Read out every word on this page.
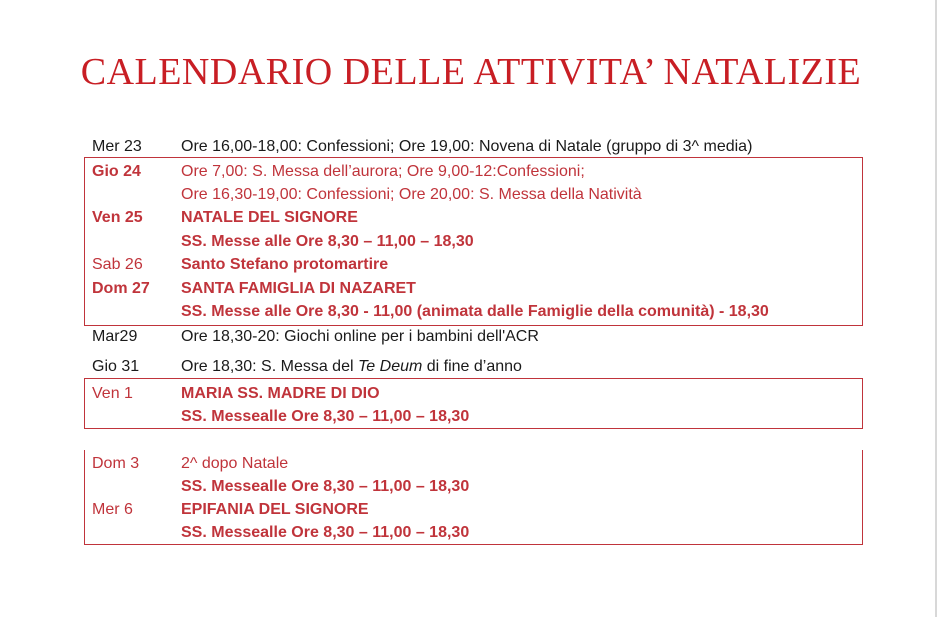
CALENDARIO DELLE ATTIVITA’ NATALIZIE
Mer 23 Ore 16,00-18,00: Confessioni; Ore 19,00: Novena di Natale (gruppo di 3^ media)
Gio 24	Ore 7,00: S. Messa dell’aurora; Ore 9,00-12:Confessioni;
Ore 16,30-19,00: Confessioni; Ore 20,00: S. Messa della Natività
Ven 25 NATALE DEL SIGNORE
SS. Messe alle Ore 8,30 – 11,00 – 18,30
Sab 26 Santo Stefano protomartire
Dom 27 SANTA FAMIGLIA DI NAZARET
SS. Messe alle Ore 8,30 - 11,00 (animata dalle Famiglie della comunità) - 18,30
Mar29	Ore 18,30-20: Giochi online per i bambini dell'ACR
Gio 31	Ore 18,30: S. Messa del Te Deum di fine d’anno
Ven 1	MARIA SS. MADRE DI DIO
SS. Messealle Ore 8,30 – 11,00 – 18,30
Dom 3	2^ dopo Natale
SS. Messealle Ore 8,30 – 11,00 – 18,30
Mer 6	EPIFANIA DEL SIGNORE
SS. Messealle Ore 8,30 – 11,00 – 18,30
